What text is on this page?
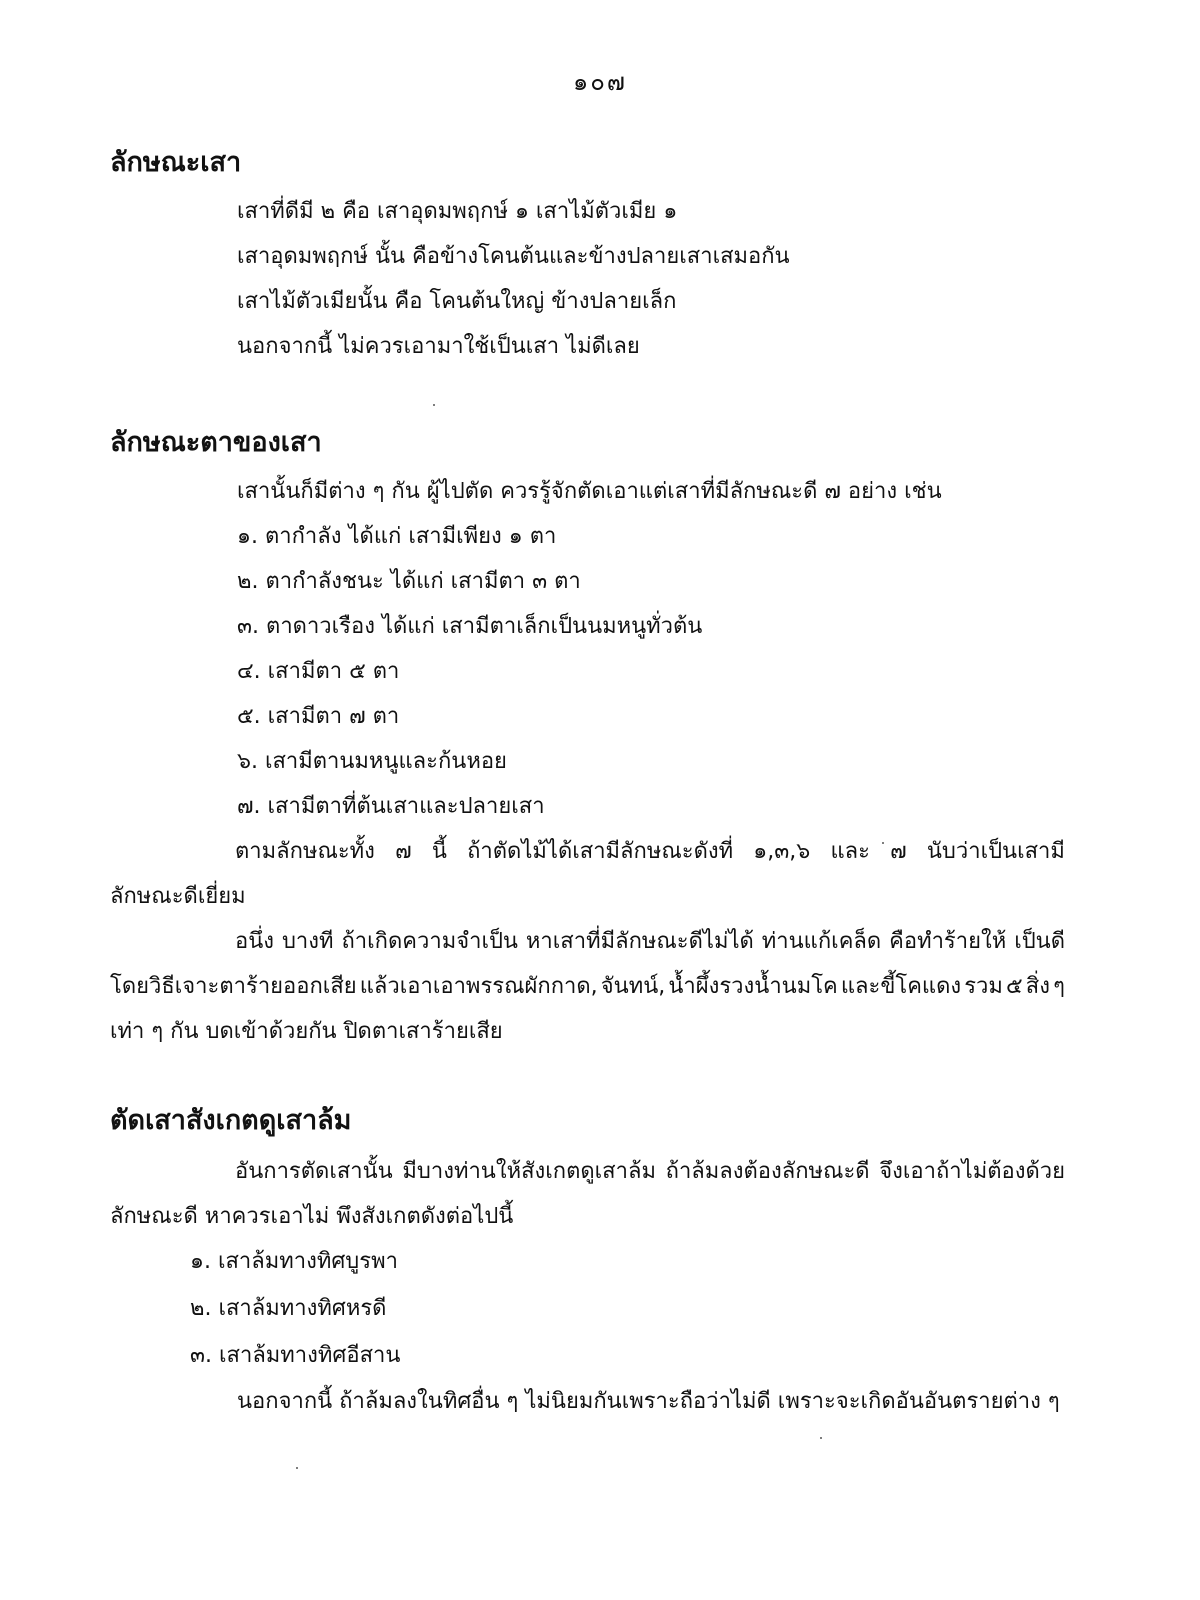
๑๐๗
ลักษณะเสา
เสาที่ดีมี ๒ คือ เสาอุดมพฤกษ์ ๑ เสาไม้ตัวเมีย ๑
เสาอุดมพฤกษ์ นั้น คือข้างโคนต้นและข้างปลายเสาเสมอกัน
เสาไม้ตัวเมียนั้น คือ โคนต้นใหญ่ ข้างปลายเล็ก
นอกจากนี้ ไม่ควรเอามาใช้เป็นเสา ไม่ดีเลย
ลักษณะตาของเสา
เสานั้นก็มีต่าง ๆ กัน ผู้ไปตัด ควรรู้จักตัดเอาแต่เสาที่มีลักษณะดี ๗ อย่าง เช่น
๑. ตากำลัง ได้แก่ เสามีเพียง ๑ ตา
๒. ตากำลังชนะ ได้แก่ เสามีตา ๓ ตา
๓. ตาดาวเรือง ได้แก่ เสามีตาเล็กเป็นนมหนูทั่วต้น
๔. เสามีตา ๕ ตา
๕. เสามีตา ๗ ตา
๖. เสามีตานมหนูและก้นหอย
๗. เสามีตาที่ต้นเสาและปลายเสา
ตามลักษณะทั้ง ๗ นี้ ถ้าตัดไม้ได้เสามีลักษณะดังที่ ๑,๓,๖ และ ๗ นับว่าเป็นเสามี
ลักษณะดีเยี่ยม
อนึ่ง บางที ถ้าเกิดความจำเป็น หาเสาที่มีลักษณะดีไม่ได้ ท่านแก้เคล็ด คือทำร้ายให้ เป็นดี
โดยวิธีเจาะตาร้ายออกเสีย แล้วเอาเอาพรรณผักกาด, จันทน์, น้ำผึ้งรวงน้ำนมโค และขี้โคแดง รวม ๕ สิ่ง ๆ
เท่า ๆ กัน บดเข้าด้วยกัน ปิดตาเสาร้ายเสีย
ตัดเสาสังเกตดูเสาล้ม
อันการตัดเสานั้น มีบางท่านให้สังเกตดูเสาล้ม ถ้าล้มลงต้องลักษณะดี จึงเอาถ้าไม่ต้องด้วย
ลักษณะดี หาควรเอาไม่ พึงสังเกตดังต่อไปนี้
๑. เสาล้มทางทิศบูรพา
๒. เสาล้มทางทิศหรดี
๓. เสาล้มทางทิศอีสาน
นอกจากนี้ ถ้าล้มลงในทิศอื่น ๆ ไม่นิยมกันเพราะถือว่าไม่ดี เพราะจะเกิดอันอันตรายต่าง ๆ
